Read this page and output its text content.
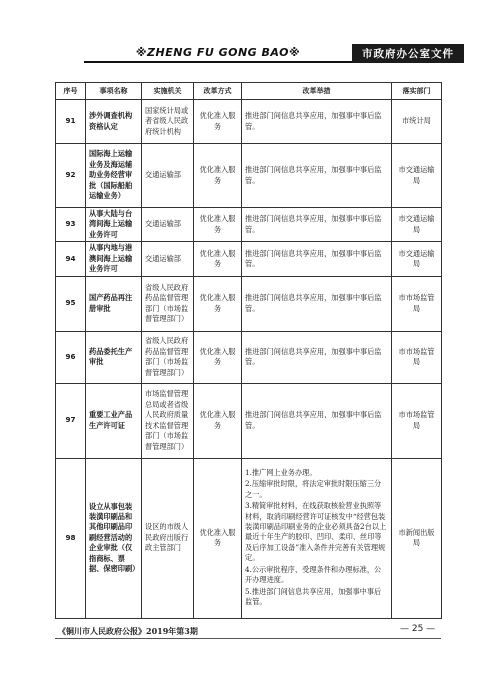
※ZHENG FU GONG BAO※	市政府办公室文件
序号	事项名称	实施机关	改革方式	改革举措	落实部门
91	涉外调查机构资格认定	国家统计局或者省级人民政府统计机构	优化准入服务	推进部门间信息共享应用，加强事中事后监管。	市统计局
92	国际海上运输业务及海运辅助业务经营审批（国际船舶运输业务）	交通运输部	优化准入服务	推进部门间信息共享应用，加强事中事后监管。	市交通运输局
93	从事大陆与台湾间海上运输业务许可	交通运输部	优化准入服务	推进部门间信息共享应用，加强事中事后监管。	市交通运输局
94	从事内地与港澳间海上运输业务许可	交通运输部	优化准入服务	推进部门间信息共享应用，加强事中事后监管。	市交通运输局
95	国产药品再注册审批	省级人民政府药品监督管理部门（市场监督管理部门）	优化准入服务	推进部门间信息共享应用，加强事中事后监管。	市市场监管局
96	药品委托生产审批	省级人民政府药品监督管理部门（市场监督管理部门）	优化准入服务	推进部门间信息共享应用，加强事中事后监管。	市市场监管局
97	重要工业产品生产许可证	市场监督管理总局或者省级人民政府质量技术监督管理部门（市场监督管理部门）	优化准入服务	推进部门间信息共享应用，加强事中事后监管。	市市场监管局
98	设立从事包装装潢印刷品和其他印刷品印刷经营活动的企业审批（仅指商标、票据、保密印刷）	设区的市级人民政府出版行政主管部门	优化准入服务	1.推广网上业务办理。
2.压缩审批时限，将法定审批时限压缩三分之一。
3.精简审批材料，在线获取核验营业执照等材料，取消印刷经营许可证核发中“经营包装装潢印刷品印刷业务的企业必须具备2台以上最近十年生产的胶印、凹印、柔印、丝印等及后序加工设备”准入条件并完善有关管理规定。
4.公示审批程序、受理条件和办理标准，公开办理进度。
5.推进部门间信息共享应用，加强事中事后监管。	市新闻出版局
《铜川市人民政府公报》2019年第3期	— 25 —
